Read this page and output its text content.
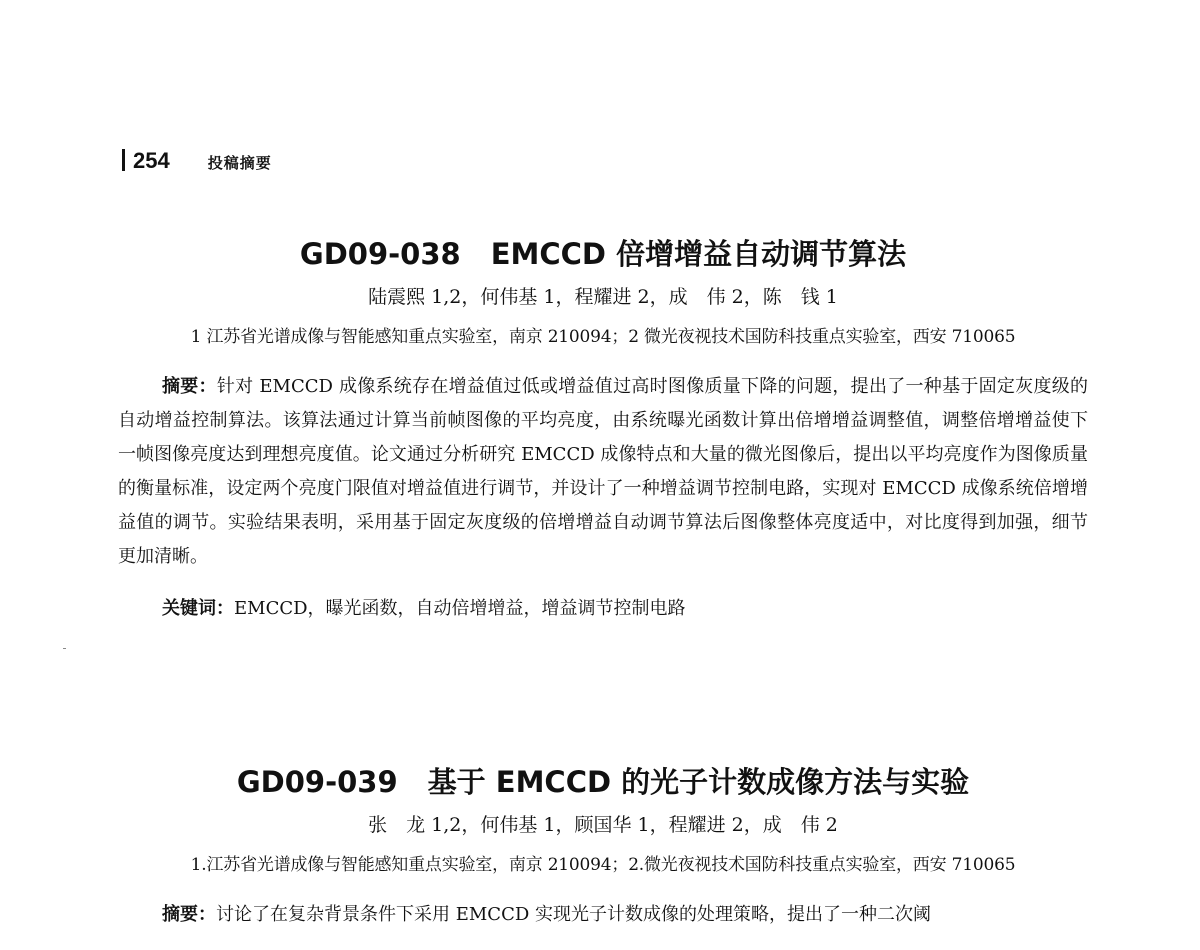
254	投稿摘要
GD09-038 EMCCD 倍增增益自动调节算法
陆震熙 1,2，何伟基 1，程耀进 2，成　伟 2，陈　钱 1
1 江苏省光谱成像与智能感知重点实验室，南京 210094；2 微光夜视技术国防科技重点实验室，西安 710065

摘要：针对 EMCCD 成像系统存在增益值过低或增益值过高时图像质量下降的问题，提出了一种基于固定灰度级的自动增益控制算法。该算法通过计算当前帧图像的平均亮度，由系统曝光函数计算出倍增增益调整值，调整倍增增益使下一帧图像亮度达到理想亮度值。论文通过分析研究 EMCCD 成像特点和大量的微光图像后，提出以平均亮度作为图像质量的衡量标准，设定两个亮度门限值对增益值进行调节，并设计了一种增益调节控制电路，实现对 EMCCD 成像系统倍增增益值的调节。实验结果表明，采用基于固定灰度级的倍增增益自动调节算法后图像整体亮度适中，对比度得到加强，细节更加清晰。

关键词：EMCCD，曝光函数，自动倍增增益，增益调节控制电路

GD09-039 基于 EMCCD 的光子计数成像方法与实验
张　龙 1,2，何伟基 1，顾国华 1，程耀进 2，成　伟 2
1.江苏省光谱成像与智能感知重点实验室，南京 210094；2.微光夜视技术国防科技重点实验室，西安 710065

摘要：讨论了在复杂背景条件下采用 EMCCD 实现光子计数成像的处理策略，提出了一种二次阈
